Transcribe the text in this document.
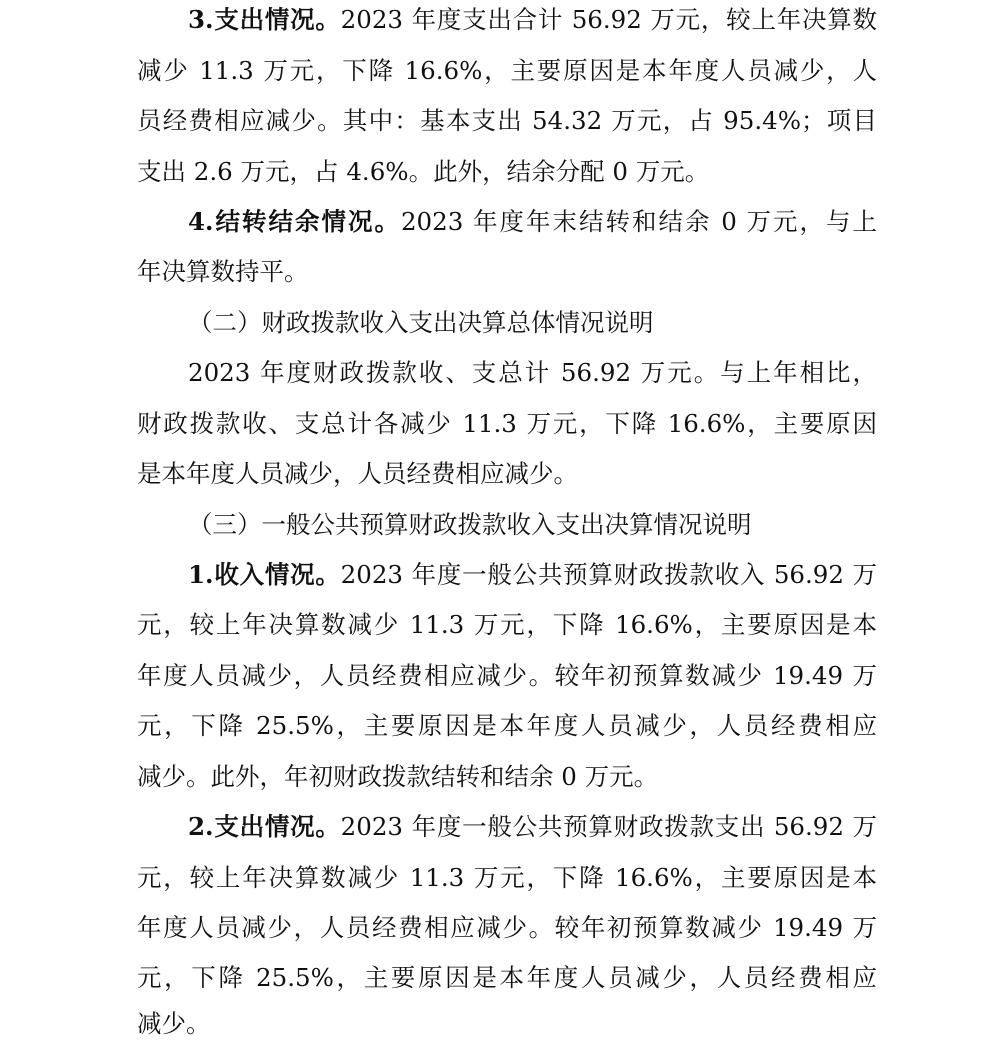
3.支出情况。2023 年度支出合计 56.92 万元，较上年决算数
减少 11.3 万元，下降 16.6%，主要原因是本年度人员减少，人
员经费相应减少。其中：基本支出 54.32 万元，占 95.4%；项目
支出 2.6 万元，占 4.6%。此外，结余分配 0 万元。
4.结转结余情况。2023 年度年末结转和结余 0 万元，与上
年决算数持平。
（二）财政拨款收入支出决算总体情况说明
2023 年度财政拨款收、支总计 56.92 万元。与上年相比，
财政拨款收、支总计各减少 11.3 万元，下降 16.6%，主要原因
是本年度人员减少，人员经费相应减少。
（三）一般公共预算财政拨款收入支出决算情况说明
1.收入情况。2023 年度一般公共预算财政拨款收入 56.92 万
元，较上年决算数减少 11.3 万元，下降 16.6%，主要原因是本
年度人员减少，人员经费相应减少。较年初预算数减少 19.49 万
元，下降 25.5%，主要原因是本年度人员减少，人员经费相应
减少。此外，年初财政拨款结转和结余 0 万元。
2.支出情况。2023 年度一般公共预算财政拨款支出 56.92 万
元，较上年决算数减少 11.3 万元，下降 16.6%，主要原因是本
年度人员减少，人员经费相应减少。较年初预算数减少 19.49 万
元，下降 25.5%，主要原因是本年度人员减少，人员经费相应
减少。
